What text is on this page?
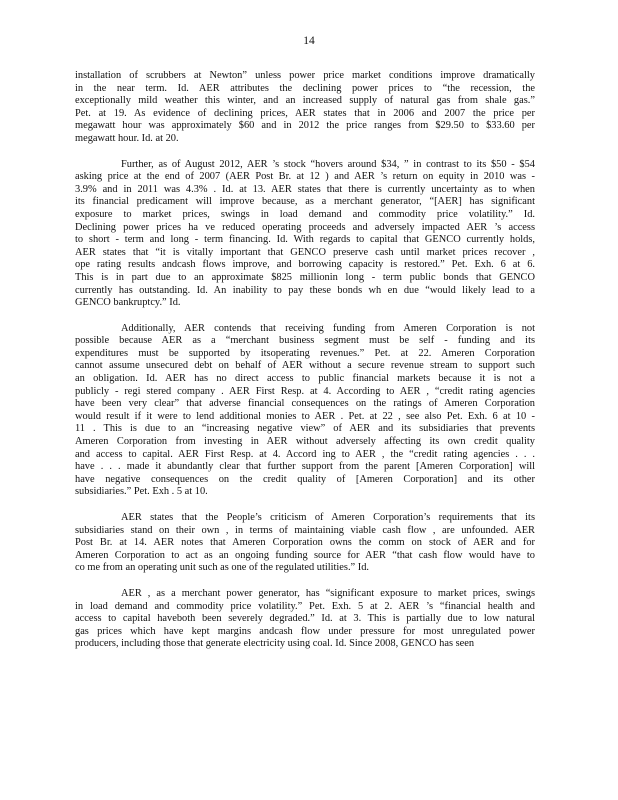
14
installation of scrubbers at Newton” unless power price market conditions improve dramatically
in the near term. Id. AER attributes the declining power prices to “the recession, the
exceptionally mild weather this winter, and an increased supply of natural gas from shale gas.”
Pet. at 19. As evidence of declining prices, AER states that in 2006 and 2007 the price per
megawatt hour was approximately $60 and in 2012 the price ranges from $29.50 to $33.60 per
megawatt hour. Id. at 20.
Further, as of August 2012, AER ’s stock “hovers around $34, ” in contrast to its $50 - $54
asking price at the end of 2007 (AER Post Br. at 12 ) and AER ’s return on equity in 2010 was -
3.9% and in 2011 was 4.3% . Id. at 13. AER states that there is currently uncertainty as to when
its financial predicament will improve because, as a merchant generator, “[AER] has significant
exposure to market prices, swings in load demand and commodity price volatility.” Id.
Declining power prices ha ve reduced operating proceeds and adversely impacted AER ’s access
to short - term and long - term financing. Id. With regards to capital that GENCO currently holds,
AER states that “it is vitally important that GENCO preserve cash until market prices recover ,
ope rating results andcash flows improve, and borrowing capacity is restored.” Pet. Exh. 6 at 6.
This is in part due to an approximate $825 millionin long - term public bonds that GENCO
currently has outstanding. Id. An inability to pay these bonds wh en due “would likely lead to a
GENCO bankruptcy.” Id.
Additionally, AER contends that receiving funding from Ameren Corporation is not
possible because AER as a “merchant business segment must be self - funding and its
expenditures must be supported by itsoperating revenues.” Pet. at 22. Ameren Corporation
cannot assume unsecured debt on behalf of AER without a secure revenue stream to support such
an obligation. Id. AER has no direct access to public financial markets because it is not a
publicly - regi stered company . AER First Resp. at 4. According to AER , “credit rating agencies
have been very clear” that adverse financial consequences on the ratings of Ameren Corporation
would result if it were to lend additional monies to AER . Pet. at 22 , see also Pet. Exh. 6 at 10 -
11 . This is due to an “increasing negative view” of AER and its subsidiaries that prevents
Ameren Corporation from investing in AER without adversely affecting its own credit quality
and access to capital. AER First Resp. at 4. Accord ing to AER , the “credit rating agencies . . .
have . . . made it abundantly clear that further support from the parent [Ameren Corporation] will
have negative consequences on the credit quality of [Ameren Corporation] and its other
subsidiaries.” Pet. Exh . 5 at 10.
AER states that the People’s criticism of Ameren Corporation’s requirements that its
subsidiaries stand on their own , in terms of maintaining viable cash flow , are unfounded. AER
Post Br. at 14. AER notes that Ameren Corporation owns the comm on stock of AER and for
Ameren Corporation to act as an ongoing funding source for AER “that cash flow would have to
co me from an operating unit such as one of the regulated utilities.” Id.
AER , as a merchant power generator, has “significant exposure to market prices, swings
in load demand and commodity price volatility.” Pet. Exh. 5 at 2. AER ’s “financial health and
access to capital haveboth been severely degraded.” Id. at 3. This is partially due to low natural
gas prices which have kept margins andcash flow under pressure for most unregulated power
producers, including those that generate electricity using coal. Id. Since 2008, GENCO has seen
